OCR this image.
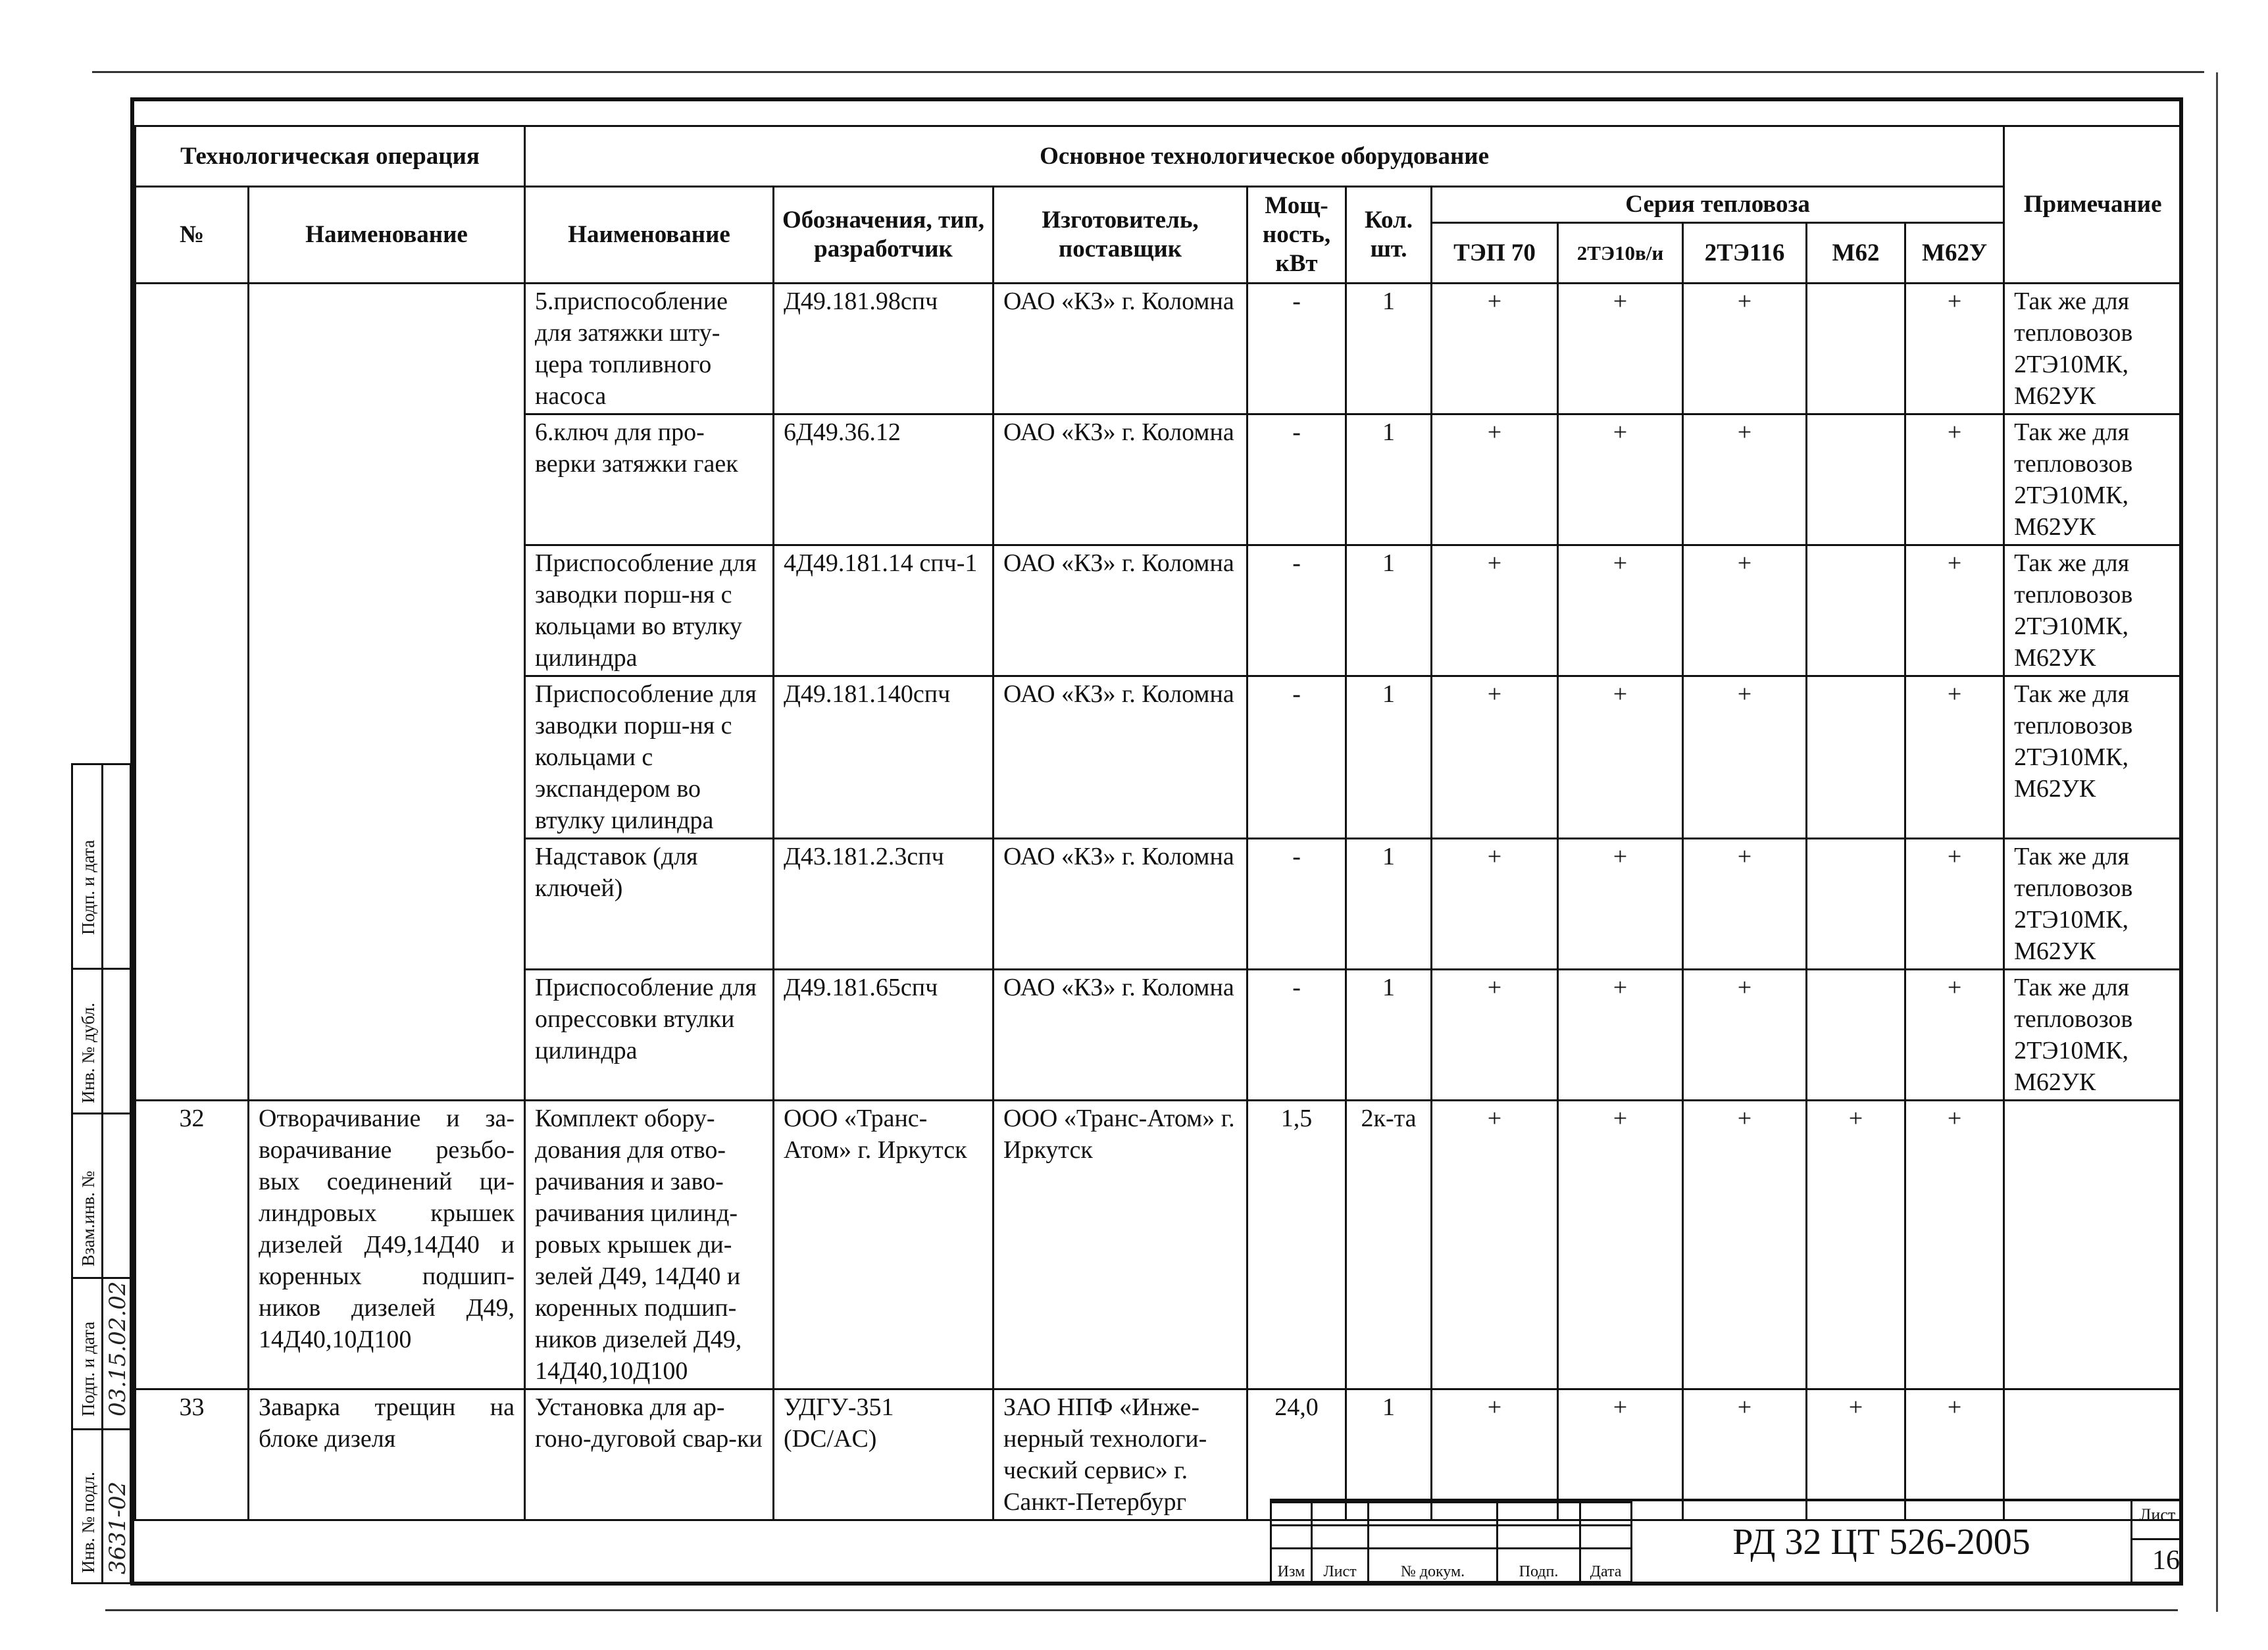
Технологическая операция		Основное технологическое оборудование										Примечание
№	Наименование	Наименование	Обозначения, тип, разработчик	Изготовитель, поставщик	Мощ-ность, кВт	Кол. шт.	Серия тепловоза					
							ТЭП 70	2ТЭ10в/и	2ТЭ116	М62	М62У	
		5.приспособление для затяжки шту-цера топливного насоса	Д49.181.98спч	ОАО «КЗ» г. Коломна	-	1	+	+	+		+	Так же для тепловозов 2ТЭ10МК, М62УК
		6.ключ для про-верки затяжки гаек	6Д49.36.12	ОАО «КЗ» г. Коломна	-	1	+	+	+		+	Так же для тепловозов 2ТЭ10МК, М62УК
		Приспособление для заводки порш-ня с кольцами во втулку цилиндра	4Д49.181.14 спч-1	ОАО «КЗ» г. Коломна	-	1	+	+	+		+	Так же для тепловозов 2ТЭ10МК, М62УК
		Приспособление для заводки порш-ня с кольцами с экспандером во втулку цилиндра	Д49.181.140спч	ОАО «КЗ» г. Коломна	-	1	+	+	+		+	Так же для тепловозов 2ТЭ10МК, М62УК
		Надставок (для ключей)	Д43.181.2.3спч	ОАО «КЗ» г. Коломна	-	1	+	+	+		+	Так же для тепловозов 2ТЭ10МК, М62УК
		Приспособление для опрессовки втулки цилиндра	Д49.181.65спч	ОАО «КЗ» г. Коломна	-	1	+	+	+		+	Так же для тепловозов 2ТЭ10МК, М62УК
32	Отворачивание и за-ворачивание резьбо-вых соединений ци-линдровых крышек дизелей Д49,14Д40 и коренных подшип-ников дизелей Д49, 14Д40,10Д100	Комплект обору-дования для отво-рачивания и заво-рачивания цилинд-ровых крышек ди-зелей Д49, 14Д40 и коренных подшип-ников дизелей Д49, 14Д40,10Д100	ООО «Транс-Атом» г. Иркутск	ООО «Транс-Атом» г. Иркутск	1,5	2к-та	+	+	+	+	+	
33	Заварка трещин на блоке дизеля	Установка для ар-гоно-дуговой свар-ки	УДГУ-351 (DC/AC)	ЗАО НПФ «Инже-нерный технологи-ческий сервис» г. Санкт-Петербург	24,0	1	+	+	+	+	+	
Инв. № подл.
Подп. и дата
Взам.инв. №
Инв. № дубл.
Подп. и дата
3631-02
03.15.02.02

Изм	Лист	№ докум.	Подп.	Дата
РД 32 ЦТ 526-2005
Лист
16
